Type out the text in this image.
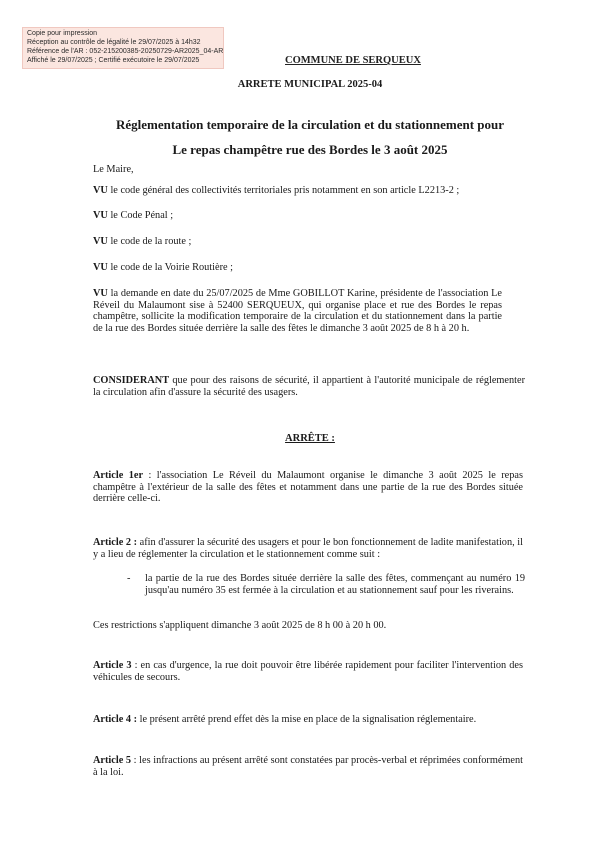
Copie pour impression
Réception au contrôle de légalité le 29/07/2025 à 14h32
Référence de l'AR : 052-215200385-20250729-AR2025_04-AR
Affiché le 29/07/2025 ; Certifié exécutoire le 29/07/2025	COMMUNE DE SERQUEUX
ARRETE MUNICIPAL 2025-04
Réglementation temporaire de la circulation et du stationnement pour
Le repas champêtre rue des Bordes le 3 août 2025
Le Maire,
VU le code général des collectivités territoriales pris notamment en son article L2213-2 ;
VU le Code Pénal ;
VU le code de la route ;
VU le code de la Voirie Routière ;
VU la demande en date du 25/07/2025 de Mme GOBILLOT Karine, présidente de l'association Le Réveil du Malaumont sise à 52400 SERQUEUX, qui organise place et rue des Bordes le repas champêtre, sollicite la modification temporaire de la circulation et du stationnement dans la partie de la rue des Bordes située derrière la salle des fêtes le dimanche 3 août 2025 de 8 h à 20 h.
CONSIDERANT que pour des raisons de sécurité, il appartient à l'autorité municipale de réglementer la circulation afin d'assure la sécurité des usagers.
ARRÊTE :
Article 1er : l'association Le Réveil du Malaumont organise le dimanche 3 août 2025 le repas champêtre à l'extérieur de la salle des fêtes et notamment dans une partie de la rue des Bordes située derrière celle-ci.
Article 2 : afin d'assurer la sécurité des usagers et pour le bon fonctionnement de ladite manifestation, il y a lieu de réglementer la circulation et le stationnement comme suit :
- la partie de la rue des Bordes située derrière la salle des fêtes, commençant au numéro 19 jusqu'au numéro 35 est fermée à la circulation et au stationnement sauf pour les riverains.
Ces restrictions s'appliquent dimanche 3 août 2025 de 8 h 00 à 20 h 00.
Article 3 : en cas d'urgence, la rue doit pouvoir être libérée rapidement pour faciliter l'intervention des véhicules de secours.
Article 4 : le présent arrêté prend effet dès la mise en place de la signalisation réglementaire.
Article 5 : les infractions au présent arrêté sont constatées par procès-verbal et réprimées conformément à la loi.
